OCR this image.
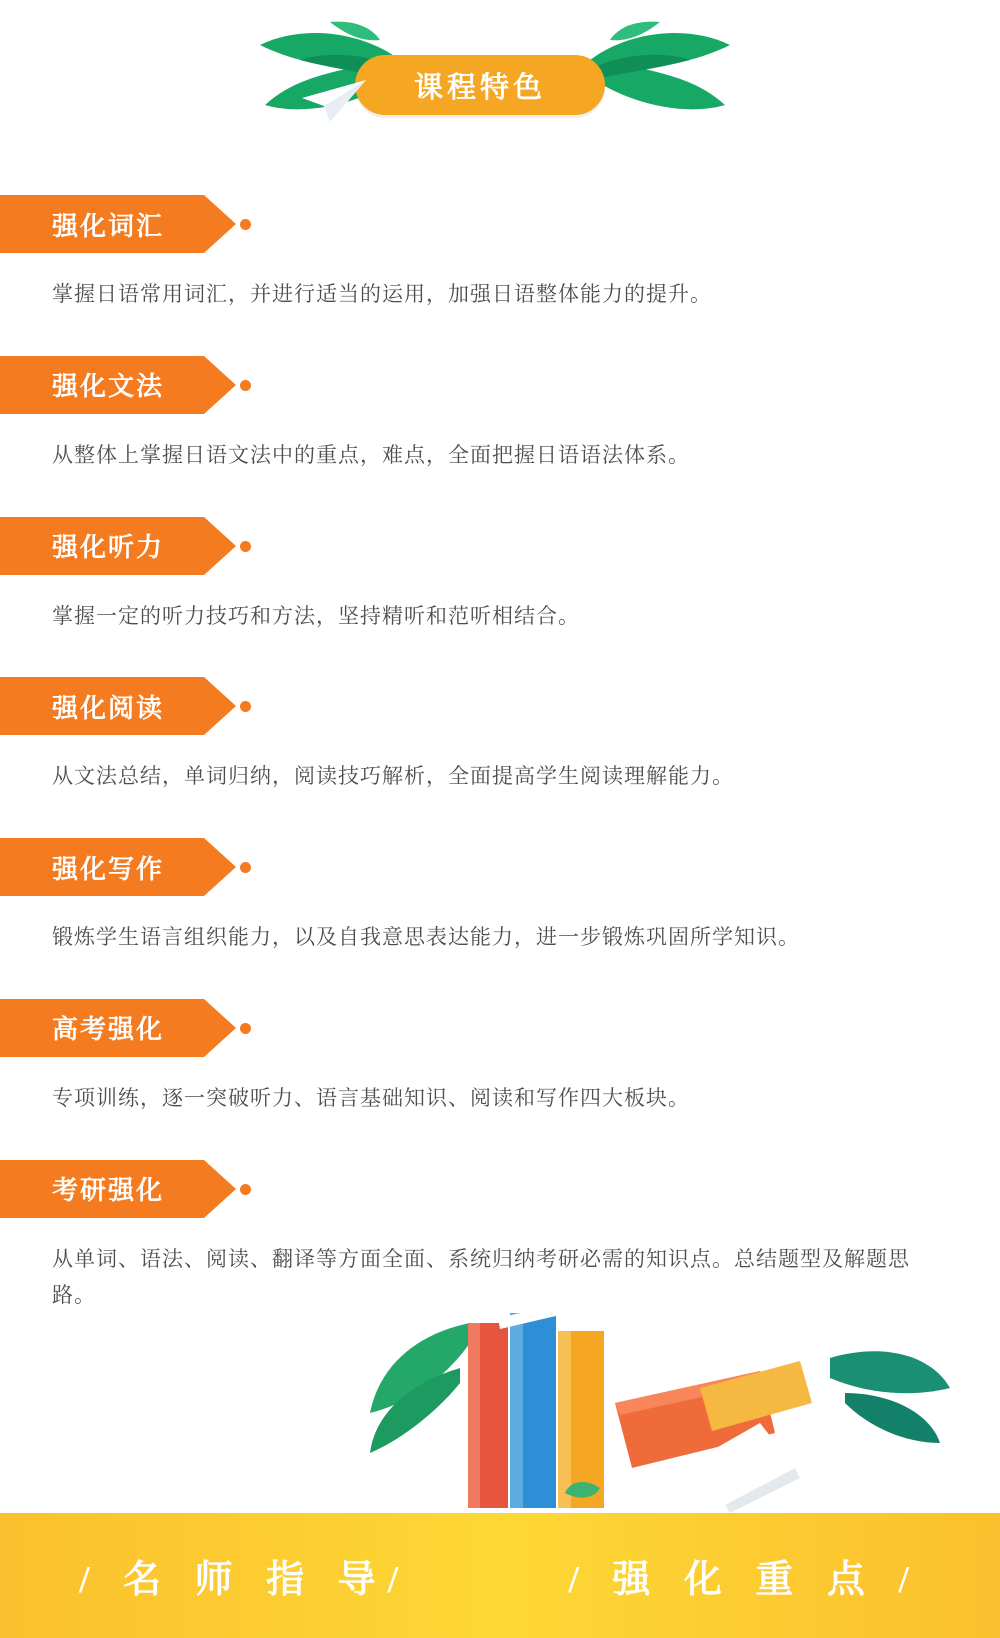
课程特色
强化词汇

掌握日语常用词汇，并进行适当的运用，加强日语整体能力的提升。

强化文法

从整体上掌握日语文法中的重点，难点，全面把握日语语法体系。

强化听力

掌握一定的听力技巧和方法，坚持精听和范听相结合。

强化阅读

从文法总结，单词归纳，阅读技巧解析，全面提高学生阅读理解能力。

强化写作

锻炼学生语言组织能力，以及自我意思表达能力，进一步锻炼巩固所学知识。

高考强化

专项训练，逐一突破听力、语言基础知识、阅读和写作四大板块。

考研强化

从单词、语法、阅读、翻译等方面全面、系统归纳考研必需的知识点。总结题型及解题思路。

/ 名 师 指 导/	/ 强 化 重 点 /
